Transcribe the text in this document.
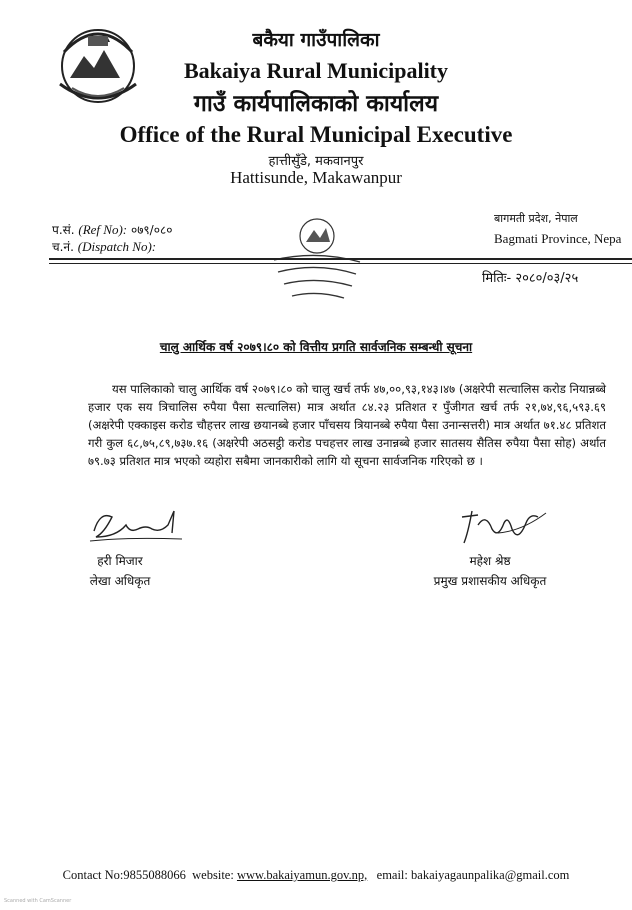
बकैया गाउँपालिका
Bakaiya Rural Municipality
गाउँ कार्यपालिकाको कार्यालय
Office of the Rural Municipal Executive
हात्तीसुँडे, मकवानपुर
Hattisunde, Makawanpur
प.सं. (Ref No): ०७९/०८०
च.नं. (Dispatch No):
बागमती प्रदेश, नेपाल
Bagmati Province, Nepa
मितिः- २०८०/०३/२५
चालु आर्थिक वर्ष २०७९।८० को वित्तीय प्रगति सार्वजनिक सम्बन्धी सूचना
यस पालिकाको चालु आर्थिक वर्ष २०७९।८० को चालु खर्च तर्फ ४७,००,९३,१४३।४७ (अक्षरेपी सत्चालिस करोड नियान्नब्बे हजार एक सय त्रिचालिस रुपैया पैसा सत्चालिस) मात्र अर्थात ८४.२३ प्रतिशत र पुँजीगत खर्च तर्फ २१,७४,९६,५९३.६९ (अक्षरेपी एक्काइस करोड चौहत्तर लाख छयानब्बे हजार पाँचसय त्रियानब्बे रुपैया पैसा उनान्सत्तरी) मात्र अर्थात ७१.४८ प्रतिशत गरी कुल ६८,७५,८९,७३७.१६ (अक्षरेपी अठसट्ठी करोड पचहत्तर लाख उनान्नब्बे हजार सातसय सैतिस रुपैया पैसा सोह) अर्थात ७९.७३ प्रतिशत मात्र भएको व्यहोरा सबैमा जानकारीको लागि यो सूचना सार्वजनिक गरिएको छ ।
हरी मिजार
लेखा अधिकृत
महेश श्रेष्ठ
प्रमुख प्रशासकीय अधिकृत
Contact No:9855088066 website: www.bakaiyamun.gov.np, email: bakaiyagaunpalika@gmail.com
Scanned with CamScanner
